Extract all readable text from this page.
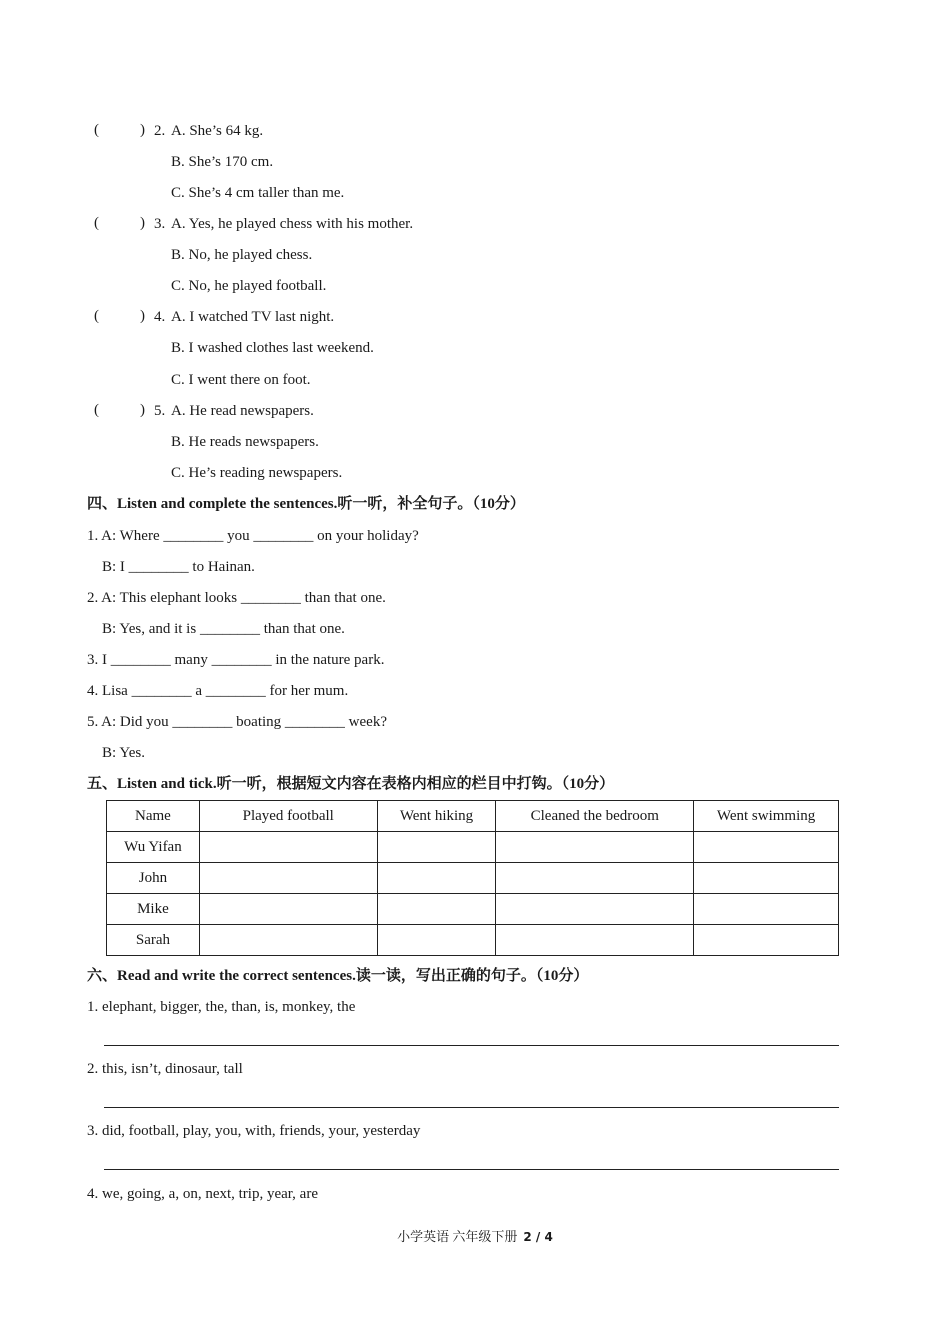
(	) 2. A. She’s 64 kg.
B. She’s 170 cm.
C. She’s 4 cm taller than me.
(	) 3. A. Yes, he played chess with his mother.
B. No, he played chess.
C. No, he played football.
(	) 4. A. I watched TV last night.
B. I washed clothes last weekend.
C. I went there on foot.
(	) 5. A. He read newspapers.
B. He reads newspapers.
C. He’s reading newspapers.
四、Listen and complete the sentences.听一听，补全句子。（10分）
1. A: Where ________ you ________ on your holiday?
B: I ________ to Hainan.
2. A: This elephant looks ________ than that one.
B: Yes, and it is ________ than that one.
3. I ________ many ________ in the nature park.
4. Lisa ________ a ________ for her mum.
5. A: Did you ________ boating ________ week?
B: Yes.
五、Listen and tick.听一听，根据短文内容在表格内相应的栏目中打钩。（10分）
Name	Played football	Went hiking	Cleaned the bedroom	Went swimming
Wu Yifan				
John				
Mike				
Sarah				
六、Read and write the correct sentences.读一读，写出正确的句子。（10分）
1. elephant, bigger, the, than, is, monkey, the
2. this, isn’t, dinosaur, tall
3. did, football, play, you, with, friends, your, yesterday
4. we, going, a, on, next, trip, year, are
小学英语 六年级下册 2 / 4
